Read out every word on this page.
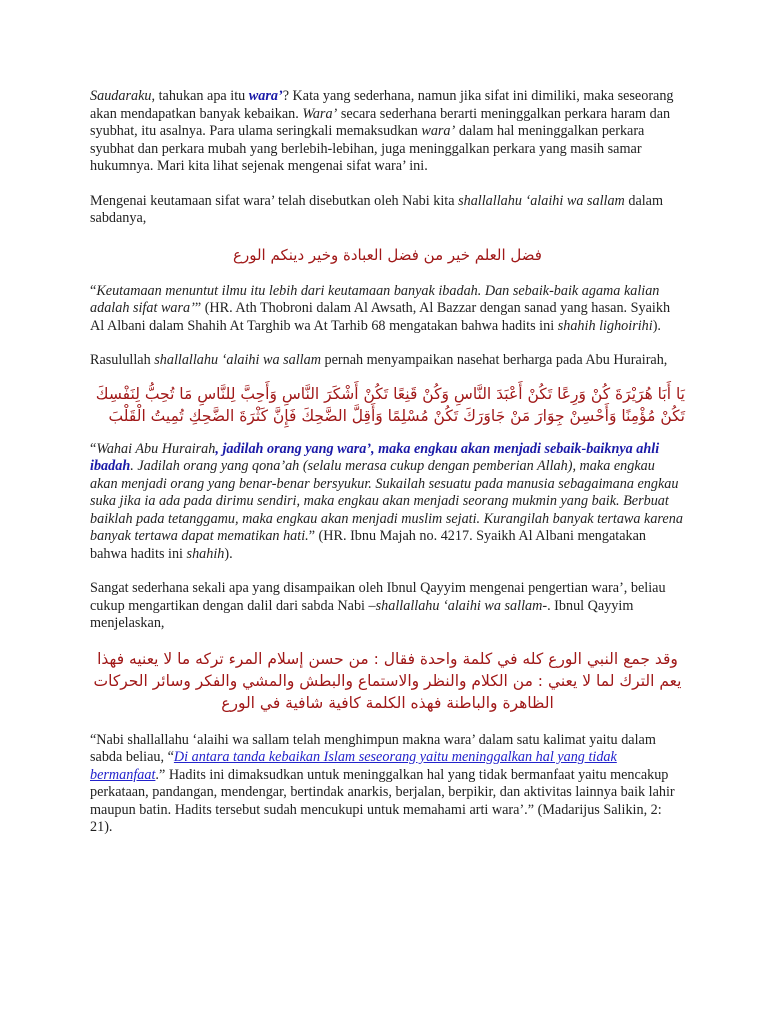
Saudaraku, tahukan apa itu wara’? Kata yang sederhana, namun jika sifat ini dimiliki, maka seseorang akan mendapatkan banyak kebaikan. Wara’ secara sederhana berarti meninggalkan perkara haram dan syubhat, itu asalnya. Para ulama seringkali memaksudkan wara’ dalam hal meninggalkan perkara syubhat dan perkara mubah yang berlebih-lebihan, juga meninggalkan perkara yang masih samar hukumnya. Mari kita lihat sejenak mengenai sifat wara’ ini.

Mengenai keutamaan sifat wara’ telah disebutkan oleh Nabi kita shallallahu ‘alaihi wa sallam dalam sabdanya,

فضل العلم خير من فضل العبادة وخير دينكم الورع

“Keutamaan menuntut ilmu itu lebih dari keutamaan banyak ibadah. Dan sebaik-baik agama kalian adalah sifat wara’” (HR. Ath Thobroni dalam Al Awsath, Al Bazzar dengan sanad yang hasan. Syaikh Al Albani dalam Shahih At Targhib wa At Tarhib 68 mengatakan bahwa hadits ini shahih lighoirihi).

Rasulullah shallallahu ‘alaihi wa sallam pernah menyampaikan nasehat berharga pada Abu Hurairah,

يَا أَبَا هُرَيْرَةَ كُنْ وَرِعًا تَكُنْ أَعْبَدَ النَّاسِ وَكُنْ قَنِعًا تَكُنْ أَشْكَرَ النَّاسِ وَأَحِبَّ لِلنَّاسِ مَا تُحِبُّ لِنَفْسِكَ تَكُنْ مُؤْمِنًا وَأَحْسِنْ جِوَارَ مَنْ جَاوَرَكَ تَكُنْ مُسْلِمًا وَأَقِلَّ الضَّحِكَ فَإِنَّ كَثْرَةَ الضَّحِكِ تُمِيتُ الْقَلْبَ

“Wahai Abu Hurairah, jadilah orang yang wara’, maka engkau akan menjadi sebaik-baiknya ahli ibadah. Jadilah orang yang qona’ah (selalu merasa cukup dengan pemberian Allah), maka engkau akan menjadi orang yang benar-benar bersyukur. Sukailah sesuatu pada manusia sebagaimana engkau suka jika ia ada pada dirimu sendiri, maka engkau akan menjadi seorang mukmin yang baik. Berbuat baiklah pada tetanggamu, maka engkau akan menjadi muslim sejati. Kurangilah banyak tertawa karena banyak tertawa dapat mematikan hati.” (HR. Ibnu Majah no. 4217. Syaikh Al Albani mengatakan bahwa hadits ini shahih).

Sangat sederhana sekali apa yang disampaikan oleh Ibnul Qayyim mengenai pengertian wara’, beliau cukup mengartikan dengan dalil dari sabda Nabi –shallallahu ‘alaihi wa sallam-. Ibnul Qayyim menjelaskan,

وقد جمع النبي الورع كله في كلمة واحدة فقال : من حسن إسلام المرء تركه ما لا يعنيه فهذا يعم الترك لما لا يعني : من الكلام والنظر والاستماع والبطش والمشي والفكر وسائر الحركات الظاهرة والباطنة فهذه الكلمة كافية شافية في الورع

“Nabi shallallahu ‘alaihi wa sallam telah menghimpun makna wara’ dalam satu kalimat yaitu dalam sabda beliau, “Di antara tanda kebaikan Islam seseorang yaitu meninggalkan hal yang tidak bermanfaat.” Hadits ini dimaksudkan untuk meninggalkan hal yang tidak bermanfaat yaitu mencakup perkataan, pandangan, mendengar, bertindak anarkis, berjalan, berpikir, dan aktivitas lainnya baik lahir maupun batin. Hadits tersebut sudah mencukupi untuk memahami arti wara’.” (Madarijus Salikin, 2: 21).
